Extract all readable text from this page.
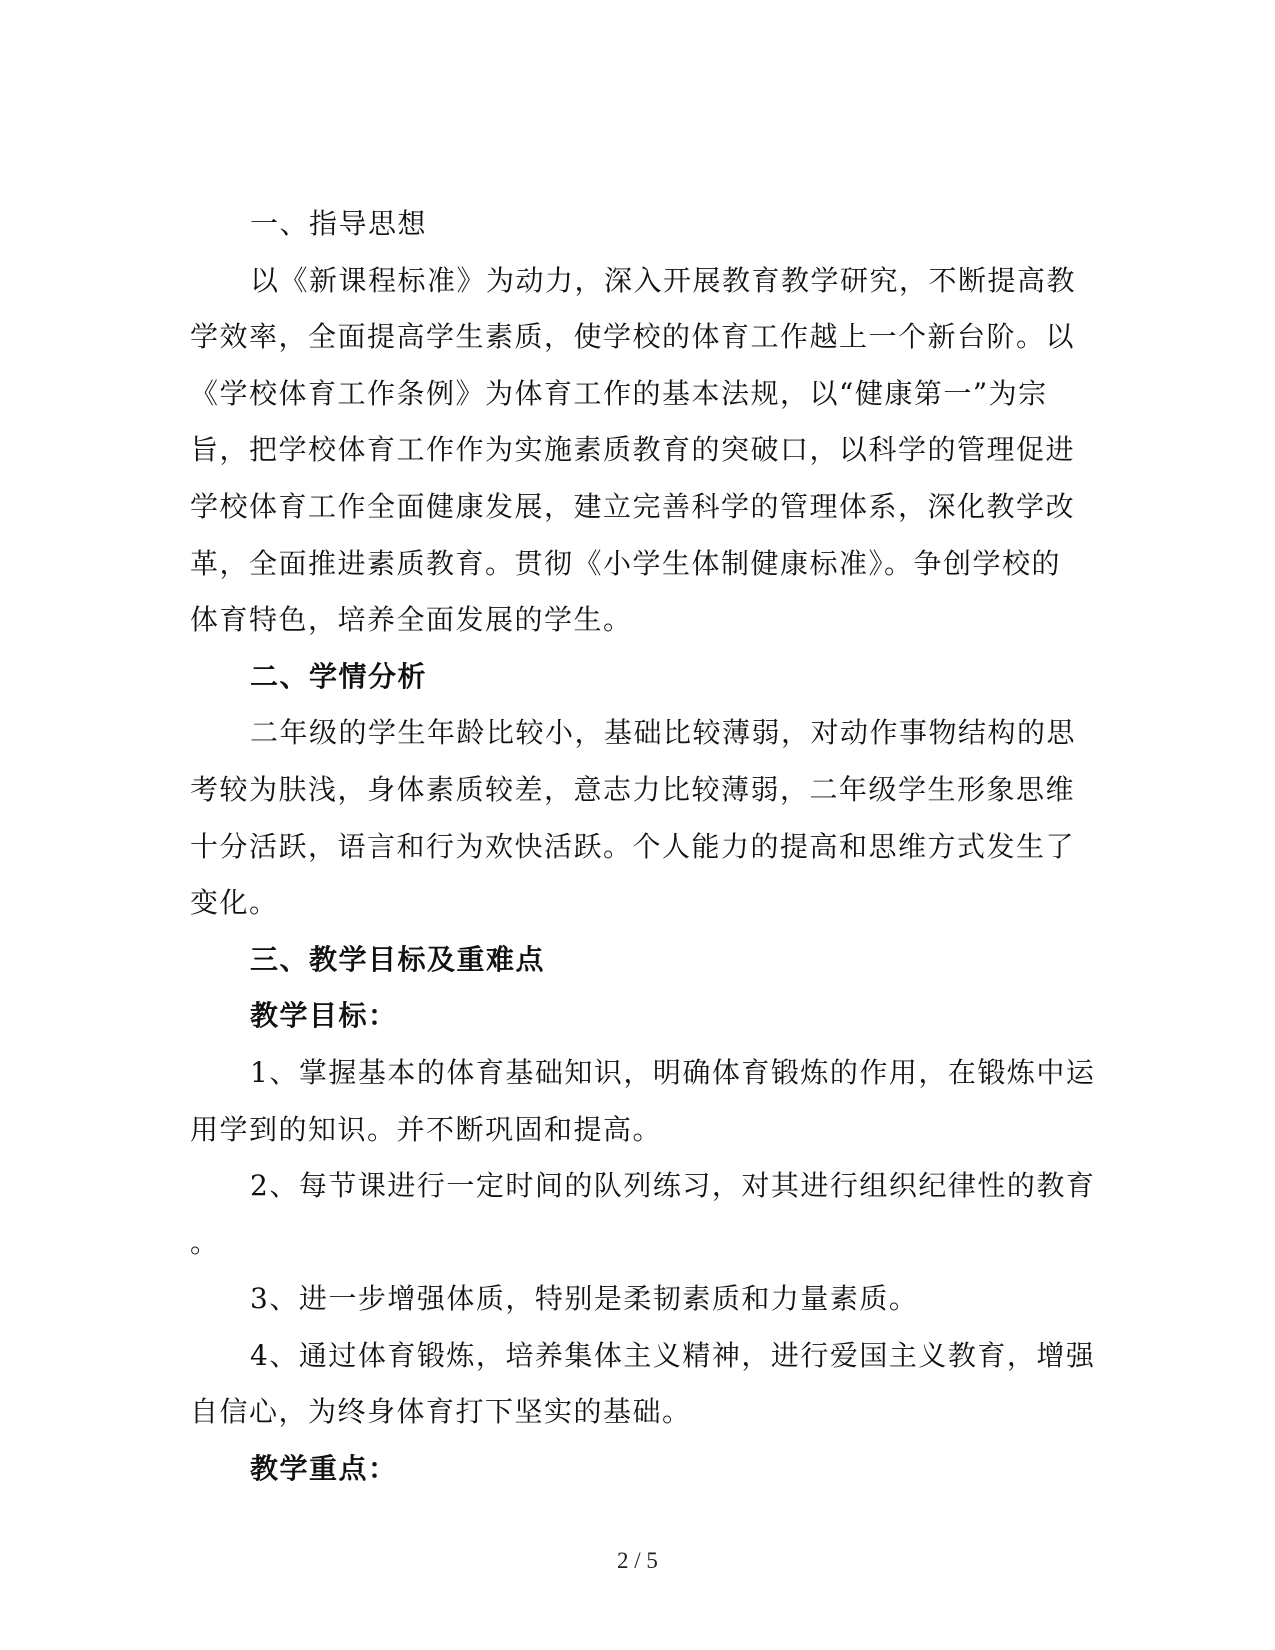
一、指导思想

以《新课程标准》为动力，深入开展教育教学研究，不断提高教
学效率，全面提高学生素质，使学校的体育工作越上一个新台阶。以
《学校体育工作条例》为体育工作的基本法规，以“健康第一”为宗
旨，把学校体育工作作为实施素质教育的突破口，以科学的管理促进
学校体育工作全面健康发展，建立完善科学的管理体系，深化教学改
革，全面推进素质教育。贯彻《小学生体制健康标准》。争创学校的
体育特色，培养全面发展的学生。

二、学情分析

二年级的学生年龄比较小，基础比较薄弱，对动作事物结构的思
考较为肤浅，身体素质较差，意志力比较薄弱，二年级学生形象思维
十分活跃，语言和行为欢快活跃。个人能力的提高和思维方式发生了
变化。

三、教学目标及重难点

教学目标：

1、掌握基本的体育基础知识，明确体育锻炼的作用，在锻炼中运
用学到的知识。并不断巩固和提高。

2、每节课进行一定时间的队列练习，对其进行组织纪律性的教育
。

3、进一步增强体质，特别是柔韧素质和力量素质。

4、通过体育锻炼，培养集体主义精神，进行爱国主义教育，增强
自信心，为终身体育打下坚实的基础。

教学重点：

2 / 5
